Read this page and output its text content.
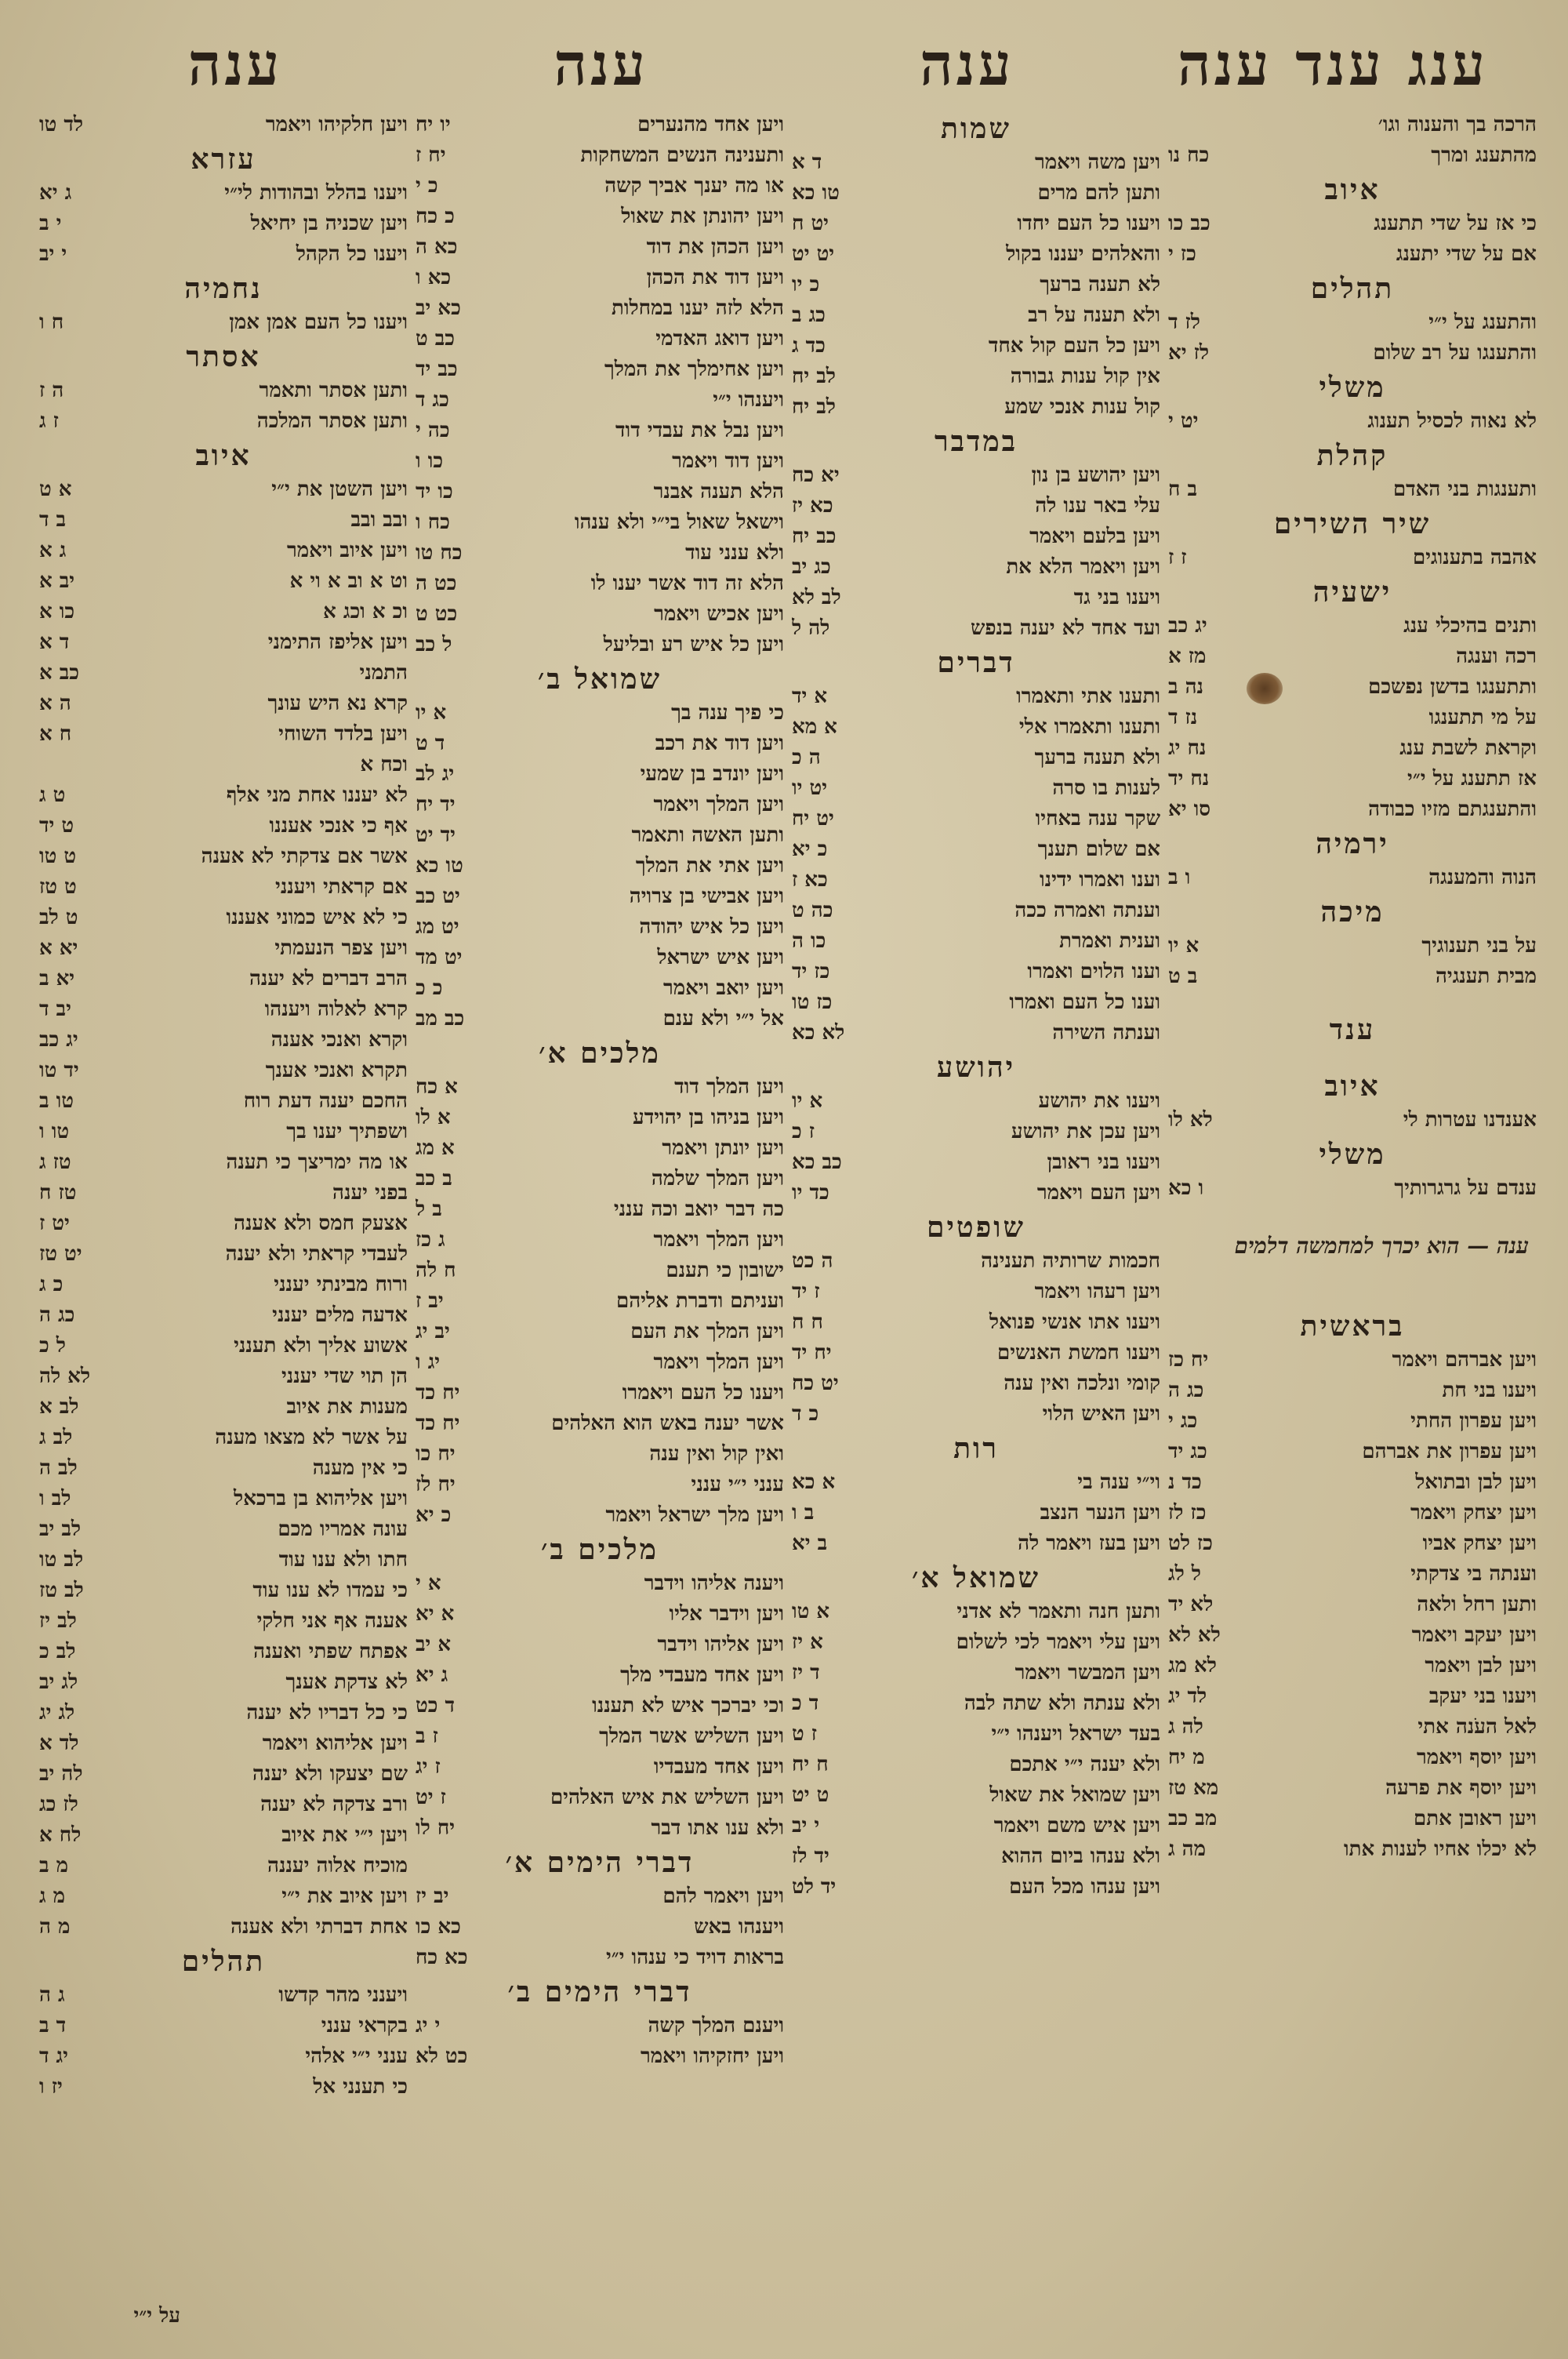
ענג ענד ענה
ענה
ענה
ענה
הרכה בך והענוה וגו׳
מהתענג ומרך
כח נו
איוב
כי אז על שדי תתענג
כב כו
אם על שדי יתענג
כז י
תהלים
והתענג על י״י
לז ד
והתענגו על רב שלום
לז יא
משלי
לא נאוה לכסיל תענוג
יט י
קהלת
ותענגות בני האדם
ב ח
שיר השירים
אהבה בתענוגים
ז ז
ישעיה
ותנים בהיכלי ענג
יג כב
רכה וענגה
מז א
ותתענגו בדשן נפשכם
נה ב
על מי תתענגו
נז ד
וקראת לשבת ענג
נח יג
אז תתענג על י״י
נח יד
והתענגתם מזיו כבודה
סו יא
ירמיה
הנוה והמענגה
ו ב
מיכה
על בני תענוגיך
א יו
מבית תענגיה
ב ט
ענד
איוב
אענדנו עטרות לי
לא לו
משלי
ענדם על גרגרותיך
ו כא
ענה — הוא יכרך למחמשה דלמים
בראשית
ויען אברהם ויאמר
יח כז
ויענו בני חת
כג ה
ויען עפרון החתי
כג י
ויען עפרון את אברהם
כג יד
ויען לבן ובתואל
כד נ
ויען יצחק ויאמר
כז לז
ויען יצחק אביו
כז לט
וענתה בי צדקתי
ל לג
ותען רחל ולאה
לא יד
ויען יעקב ויאמר
לא לא
ויען לבן ויאמר
לא מג
ויענו בני יעקב
לד יג
לאל העֹנה אתי
לה ג
ויען יוסף ויאמר
מ יח
ויען יוסף את פרעה
מא טז
ויען ראובן אתם
מב כב
לא יכלו אחיו לענות אתו
מה ג
שמות
ויען משה ויאמר
ד א
ותען להם מרים
טו כא
ויענו כל העם יחדו
יט ח
והאלהים יעננו בקול
יט יט
לא תענה ברעך
כ יו
ולא תענה על רב
כג ב
ויען כל העם קול אחד
כד ג
אין קול ענות גבורה
לב יח
קול ענות אנכי שמע
לב יח
במדבר
ויען יהושע בן נון
יא כח
עלי באר ענו לה
כא יז
ויען בלעם ויאמר
כב יח
ויען ויאמר הלא את
כג יב
ויענו בני גד
לב לא
ועד אחד לא יענה בנפש
לה ל
דברים
ותענו אתי ותאמרו
א יד
ותענו ותאמרו אלי
א מא
ולא תענה ברעך
ה כ
לענות בו סרה
יט יו
שקר ענה באחיו
יט יח
אם שלום תענך
כ יא
וענו ואמרו ידינו
כא ז
וענתה ואמרה ככה
כה ט
וענית ואמרת
כו ה
וענו הלוים ואמרו
כז יד
וענו כל העם ואמרו
כז טו
וענתה השירה
לא כא
יהושע
ויענו את יהושע
א יו
ויען עכן את יהושע
ז כ
ויענו בני ראובן
כב כא
ויען העם ויאמר
כד יו
שופטים
חכמות שרותיה תענינה
ה כט
ויען רעהו ויאמר
ז יד
ויענו אתו אנשי פנואל
ח ח
ויענו חמשת האנשים
יח יד
קומי ונלכה ואין ענה
יט כח
ויען האיש הלוי
כ ד
רות
וי״י ענה בי
א כא
ויען הנער הנצב
ב ו
ויען בעז ויאמר לה
ב יא
שמואל א׳
ותען חנה ותאמר לא אדני
א טו
ויען עלי ויאמר לכי לשלום
א יז
ויען המבשר ויאמר
ד יז
ולא ענתה ולא שתה לבה
ד כ
בעד ישראל ויענהו י״י
ז ט
ולא יענה י״י אתכם
ח יח
ויען שמואל את שאול
ט יט
ויען איש משם ויאמר
י יב
ולא ענהו ביום ההוא
יד לז
ויען ענהו מכל העם
יד לט
ויען אחד מהנערים
יו יח
ותענינה הנשים המשחקות
יח ז
או מה יענך אביך קשה
כ י
ויען יהונתן את שאול
כ כח
ויען הכהן את דוד
כא ה
ויען דוד את הכהן
כא ו
הלא לזה יענו במחלות
כא יב
ויען דואג האדמי
כב ט
ויען אחימלך את המלך
כב יד
ויענהו י״י
כג ד
ויען נבל את עבדי דוד
כה י
ויען דוד ויאמר
כו ו
הלא תענה אבנר
כו יד
וישאל שאול בי״י ולא ענהו
כח ו
ולא ענני עוד
כח טו
הלא זה דוד אשר יענו לו
כט ה
ויען אכיש ויאמר
כט ט
ויען כל איש רע ובליעל
ל כב
שמואל ב׳
כי פיך ענה בך
א יו
ויען דוד את רכב
ד ט
ויען יונדב בן שמעי
יג לב
ויען המלך ויאמר
יד יח
ותען האשה ותאמר
יד יט
ויען אתי את המלך
טו כא
ויען אבישי בן צרויה
יט כב
ויען כל איש יהודה
יט מג
ויען איש ישראל
יט מד
ויען יואב ויאמר
כ כ
אל י״י ולא ענם
כב מב
מלכים א׳
ויען המלך דוד
א כח
ויען בניהו בן יהוידע
א לו
ויען יונתן ויאמר
א מג
ויען המלך שלמה
ב כב
כה דבר יואב וכה ענני
ב ל
ויען המלך ויאמר
ג כז
ישובון כי תענם
ח לה
ועניתם ודברת אליהם
יב ז
ויען המלך את העם
יב יג
ויען המלך ויאמר
יג ו
ויענו כל העם ויאמרו
יח כד
אשר יענה באש הוא האלהים
יח כד
ואין קול ואין ענה
יח כו
ענני י״י ענני
יח לז
ויען מלך ישראל ויאמר
כ יא
מלכים ב׳
ויענה אליהו וידבר
א י
ויען וידבר אליו
א יא
ויען אליהו וידבר
א יב
ויען אחד מעבדי מלך
ג יא
וכי יברכך איש לא תעננו
ד כט
ויען השליש אשר המלך
ז ב
ויען אחד מעבדיו
ז יג
ויען השליש את איש האלהים
ז יט
ולא ענו אתו דבר
יח לו
דברי הימים א׳
ויען ויאמר להם
יב יז
ויענהו באש
כא כו
בראות דויד כי ענהו י״י
כא כח
דברי הימים ב׳
ויענם המלך קשה
י יג
ויען יחזקיהו ויאמר
כט לא
ויען חלקיהו ויאמר
לד טו
עזרא
ויענו בהלל ובהודות לי״י
ג יא
ויען שכניה בן יחיאל
י ב
ויענו כל הקהל
י יב
נחמיה
ויענו כל העם אמן אמן
ח ו
אסתר
ותען אסתר ותאמר
ה ז
ותען אסתר המלכה
ז ג
איוב
ויען השטן את י״י
א ט
ובב ובב
ב ד
ויען איוב ויאמר
ג א
וט א וב א וי א
יב א
וכ א וכג א
כו א
ויען אליפז התימני
ד א
התמני
כב א
קרא נא היש עונך
ה א
ויען בלדד השוחי
ח א
וכח א
לא יעננו אחת מני אלף
ט ג
אף כי אנכי אעננו
ט יד
אשר אם צדקתי לא אענה
ט טו
אם קראתי ויענני
ט טז
כי לא איש כמוני אעננו
ט לב
ויען צפר הנעמתי
יא א
הרב דברים לא יענה
יא ב
קרא לאלוה ויענהו
יב ד
וקרא ואנכי אענה
יג כב
תקרא ואנכי אענך
יד טו
החכם יענה דעת רוח
טו ב
ושפתיך יענו בך
טו ו
או מה ימריצך כי תענה
טז ג
בפני יענה
טז ח
אצעק חמס ולא אענה
יט ז
לעבדי קראתי ולא יענה
יט טז
ורוח מבינתי יענני
כ ג
אדעה מלים יענני
כג ה
אשוע אליך ולא תענני
ל כ
הן תוי שדי יענני
לא לה
מענות את איוב
לב א
על אשר לא מצאו מענה
לב ג
כי אין מענה
לב ה
ויען אליהוא בן ברכאל
לב ו
עונה אמריו מכם
לב יב
חתו ולא ענו עוד
לב טו
כי עמדו לא ענו עוד
לב טז
אענה אף אני חלקי
לב יז
אפתח שפתי ואענה
לב כ
לא צדקת אענך
לג יב
כי כל דבריו לא יענה
לג יג
ויען אליהוא ויאמר
לד א
שם יצעקו ולא יענה
לה יב
ורב צדקה לא יענה
לז כג
ויען י״י את איוב
לח א
מוכיח אלוה יעננה
מ ב
ויען איוב את י״י
מ ג
אחת דברתי ולא אענה
מ ה
תהלים
ויענני מהר קדשו
ג ה
בקראי ענני
ד ב
ענני י״י אלהי
יג ד
כי תענני אל
יז ו
על י״י
